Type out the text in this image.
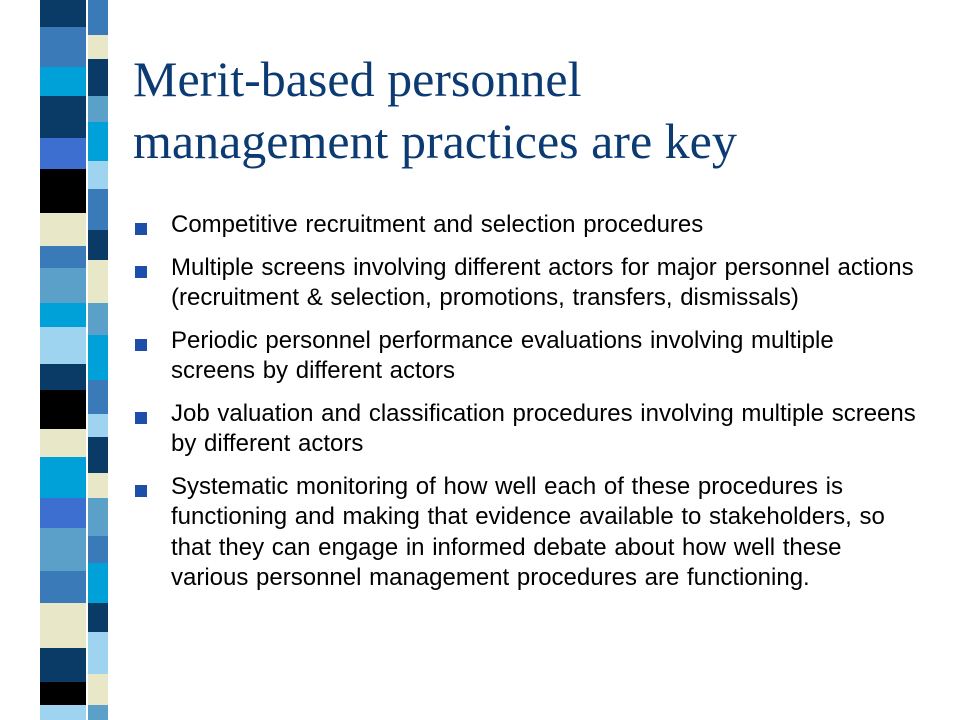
Merit-based personnel
management practices are key
Competitive recruitment and selection procedures
Multiple screens involving different actors for major personnel actions (recruitment & selection, promotions, transfers, dismissals)
Periodic personnel performance evaluations involving multiple screens by different actors
Job valuation and classification procedures involving multiple screens by different actors
Systematic monitoring of how well each of these procedures is functioning and making that evidence available to stakeholders, so that they can engage in informed debate about how well these various personnel management procedures are functioning.
